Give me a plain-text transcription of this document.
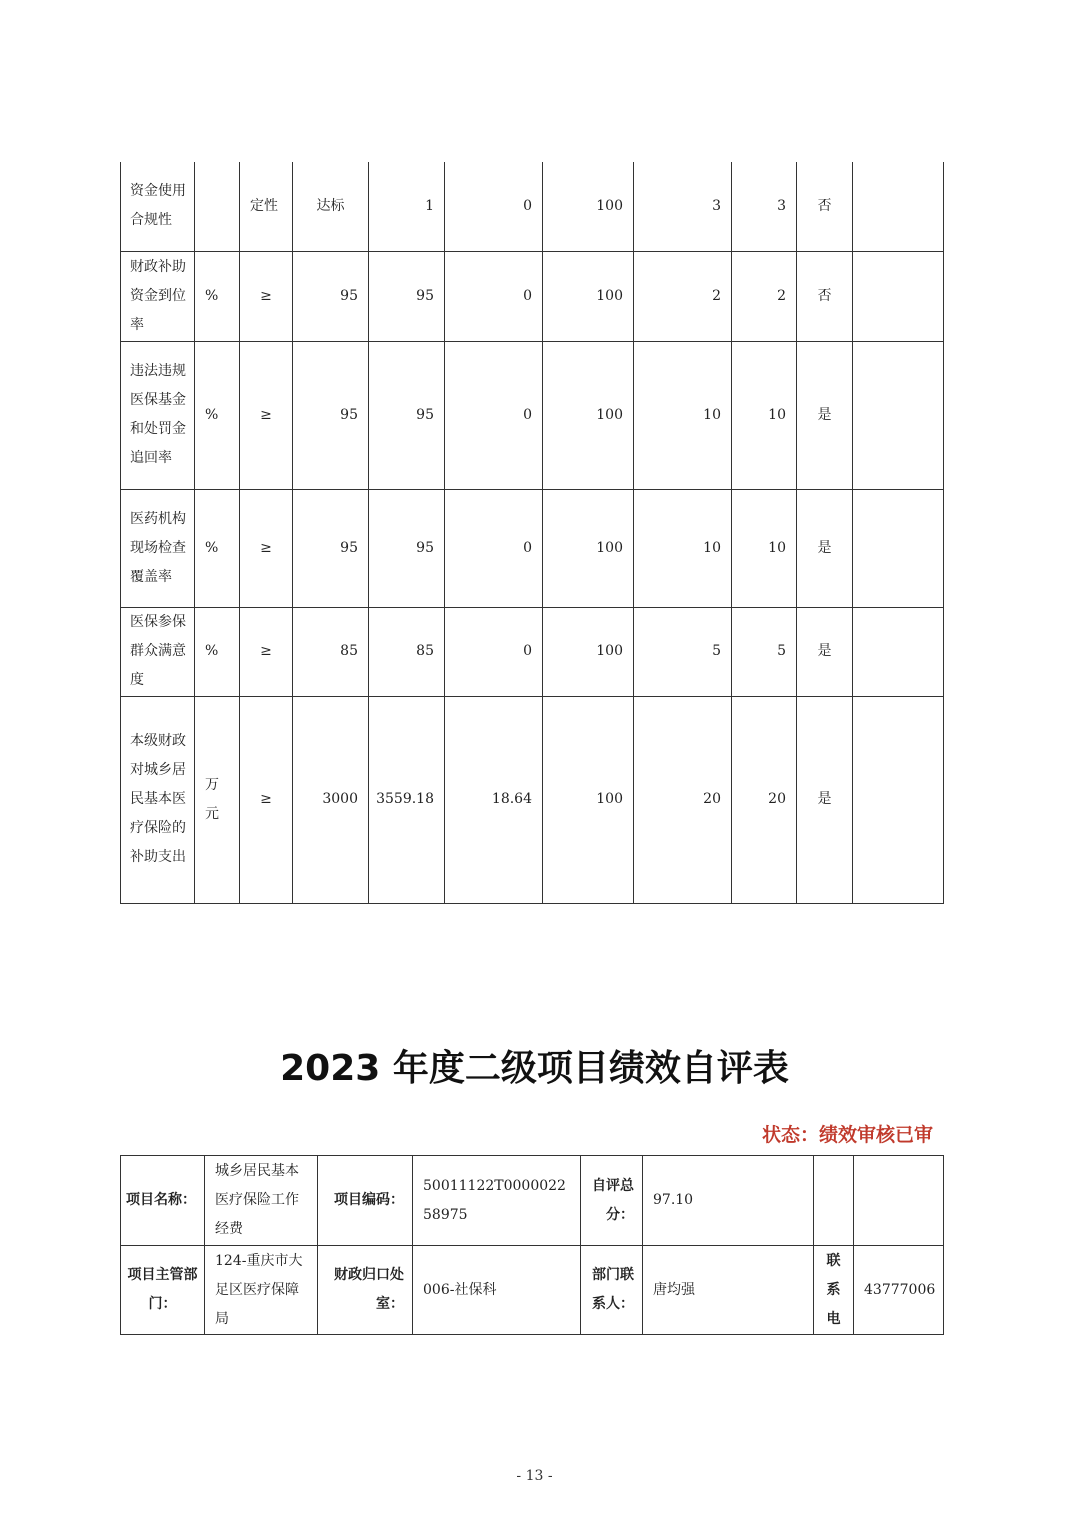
资金使用合规性		定性	达标	1	0	100	3	3	否	
财政补助资金到位率	%	≥	95	95	0	100	2	2	否	
违法违规医保基金和处罚金追回率	%	≥	95	95	0	100	10	10	是	
医药机构现场检查覆盖率	%	≥	95	95	0	100	10	10	是	
医保参保群众满意度	%	≥	85	85	0	100	5	5	是	
本级财政对城乡居民基本医疗保险的补助支出	万元	≥	3000	3559.18	18.64	100	20	20	是	
2023 年度二级项目绩效自评表
状态：绩效审核已审
项目名称：	城乡居民基本医疗保险工作经费	项目编码：	50011122T000002258975	自评总分：	97.10		
项目主管部门：	124-重庆市大足区医疗保障局	财政归口处室：	006-社保科	部门联系人：	唐均强	联系电	43777006
- 13 -
